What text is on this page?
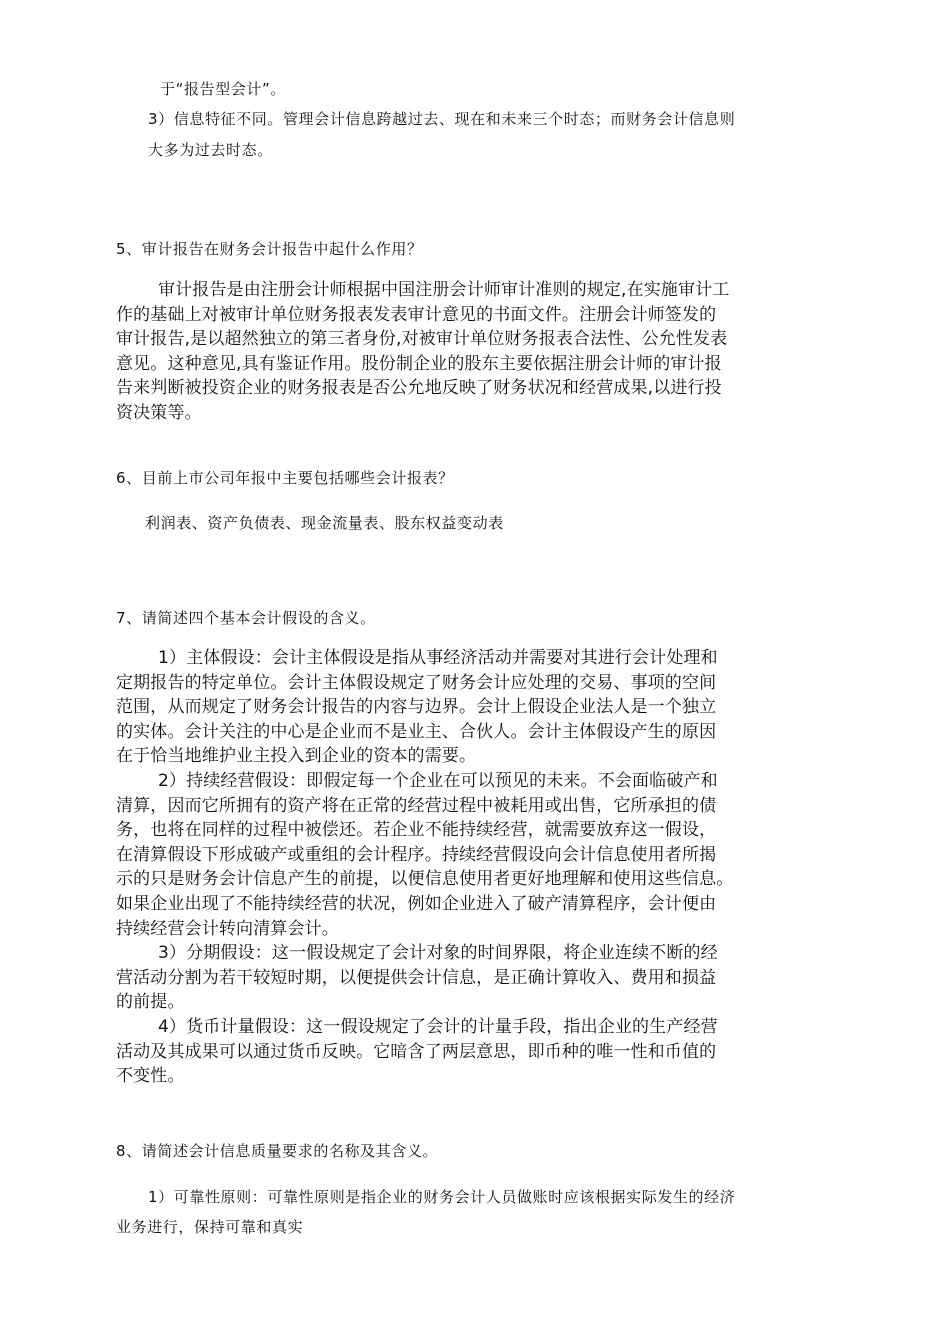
于“报告型会计”。

3）信息特征不同。管理会计信息跨越过去、现在和未来三个时态；而财务会计信息则

大多为过去时态。

5、审计报告在财务会计报告中起什么作用？

审计报告是由注册会计师根据中国注册会计师审计准则的规定,在实施审计工
作的基础上对被审计单位财务报表发表审计意见的书面文件。注册会计师签发的
审计报告,是以超然独立的第三者身份,对被审计单位财务报表合法性、公允性发表
意见。这种意见,具有鉴证作用。股份制企业的股东主要依据注册会计师的审计报
告来判断被投资企业的财务报表是否公允地反映了财务状况和经营成果,以进行投
资决策等。

6、目前上市公司年报中主要包括哪些会计报表？

利润表、资产负债表、现金流量表、股东权益变动表

7、请简述四个基本会计假设的含义。

1）主体假设：会计主体假设是指从事经济活动并需要对其进行会计处理和
定期报告的特定单位。会计主体假设规定了财务会计应处理的交易、事项的空间
范围，从而规定了财务会计报告的内容与边界。会计上假设企业法人是一个独立
的实体。会计关注的中心是企业而不是业主、合伙人。会计主体假设产生的原因
在于恰当地维护业主投入到企业的资本的需要。
2）持续经营假设：即假定每一个企业在可以预见的未来。不会面临破产和
清算，因而它所拥有的资产将在正常的经营过程中被耗用或出售，它所承担的债
务，也将在同样的过程中被偿还。若企业不能持续经营，就需要放弃这一假设，
在清算假设下形成破产或重组的会计程序。持续经营假设向会计信息使用者所揭
示的只是财务会计信息产生的前提，以便信息使用者更好地理解和使用这些信息。
如果企业出现了不能持续经营的状况，例如企业进入了破产清算程序，会计便由
持续经营会计转向清算会计。
3）分期假设：这一假设规定了会计对象的时间界限，将企业连续不断的经
营活动分割为若干较短时期，以便提供会计信息，是正确计算收入、费用和损益
的前提。
4）货币计量假设：这一假设规定了会计的计量手段，指出企业的生产经营
活动及其成果可以通过货币反映。它暗含了两层意思，即币种的唯一性和币值的
不变性。

8、请简述会计信息质量要求的名称及其含义。

1）可靠性原则：可靠性原则是指企业的财务会计人员做账时应该根据实际发生的经济

业务进行，保持可靠和真实
